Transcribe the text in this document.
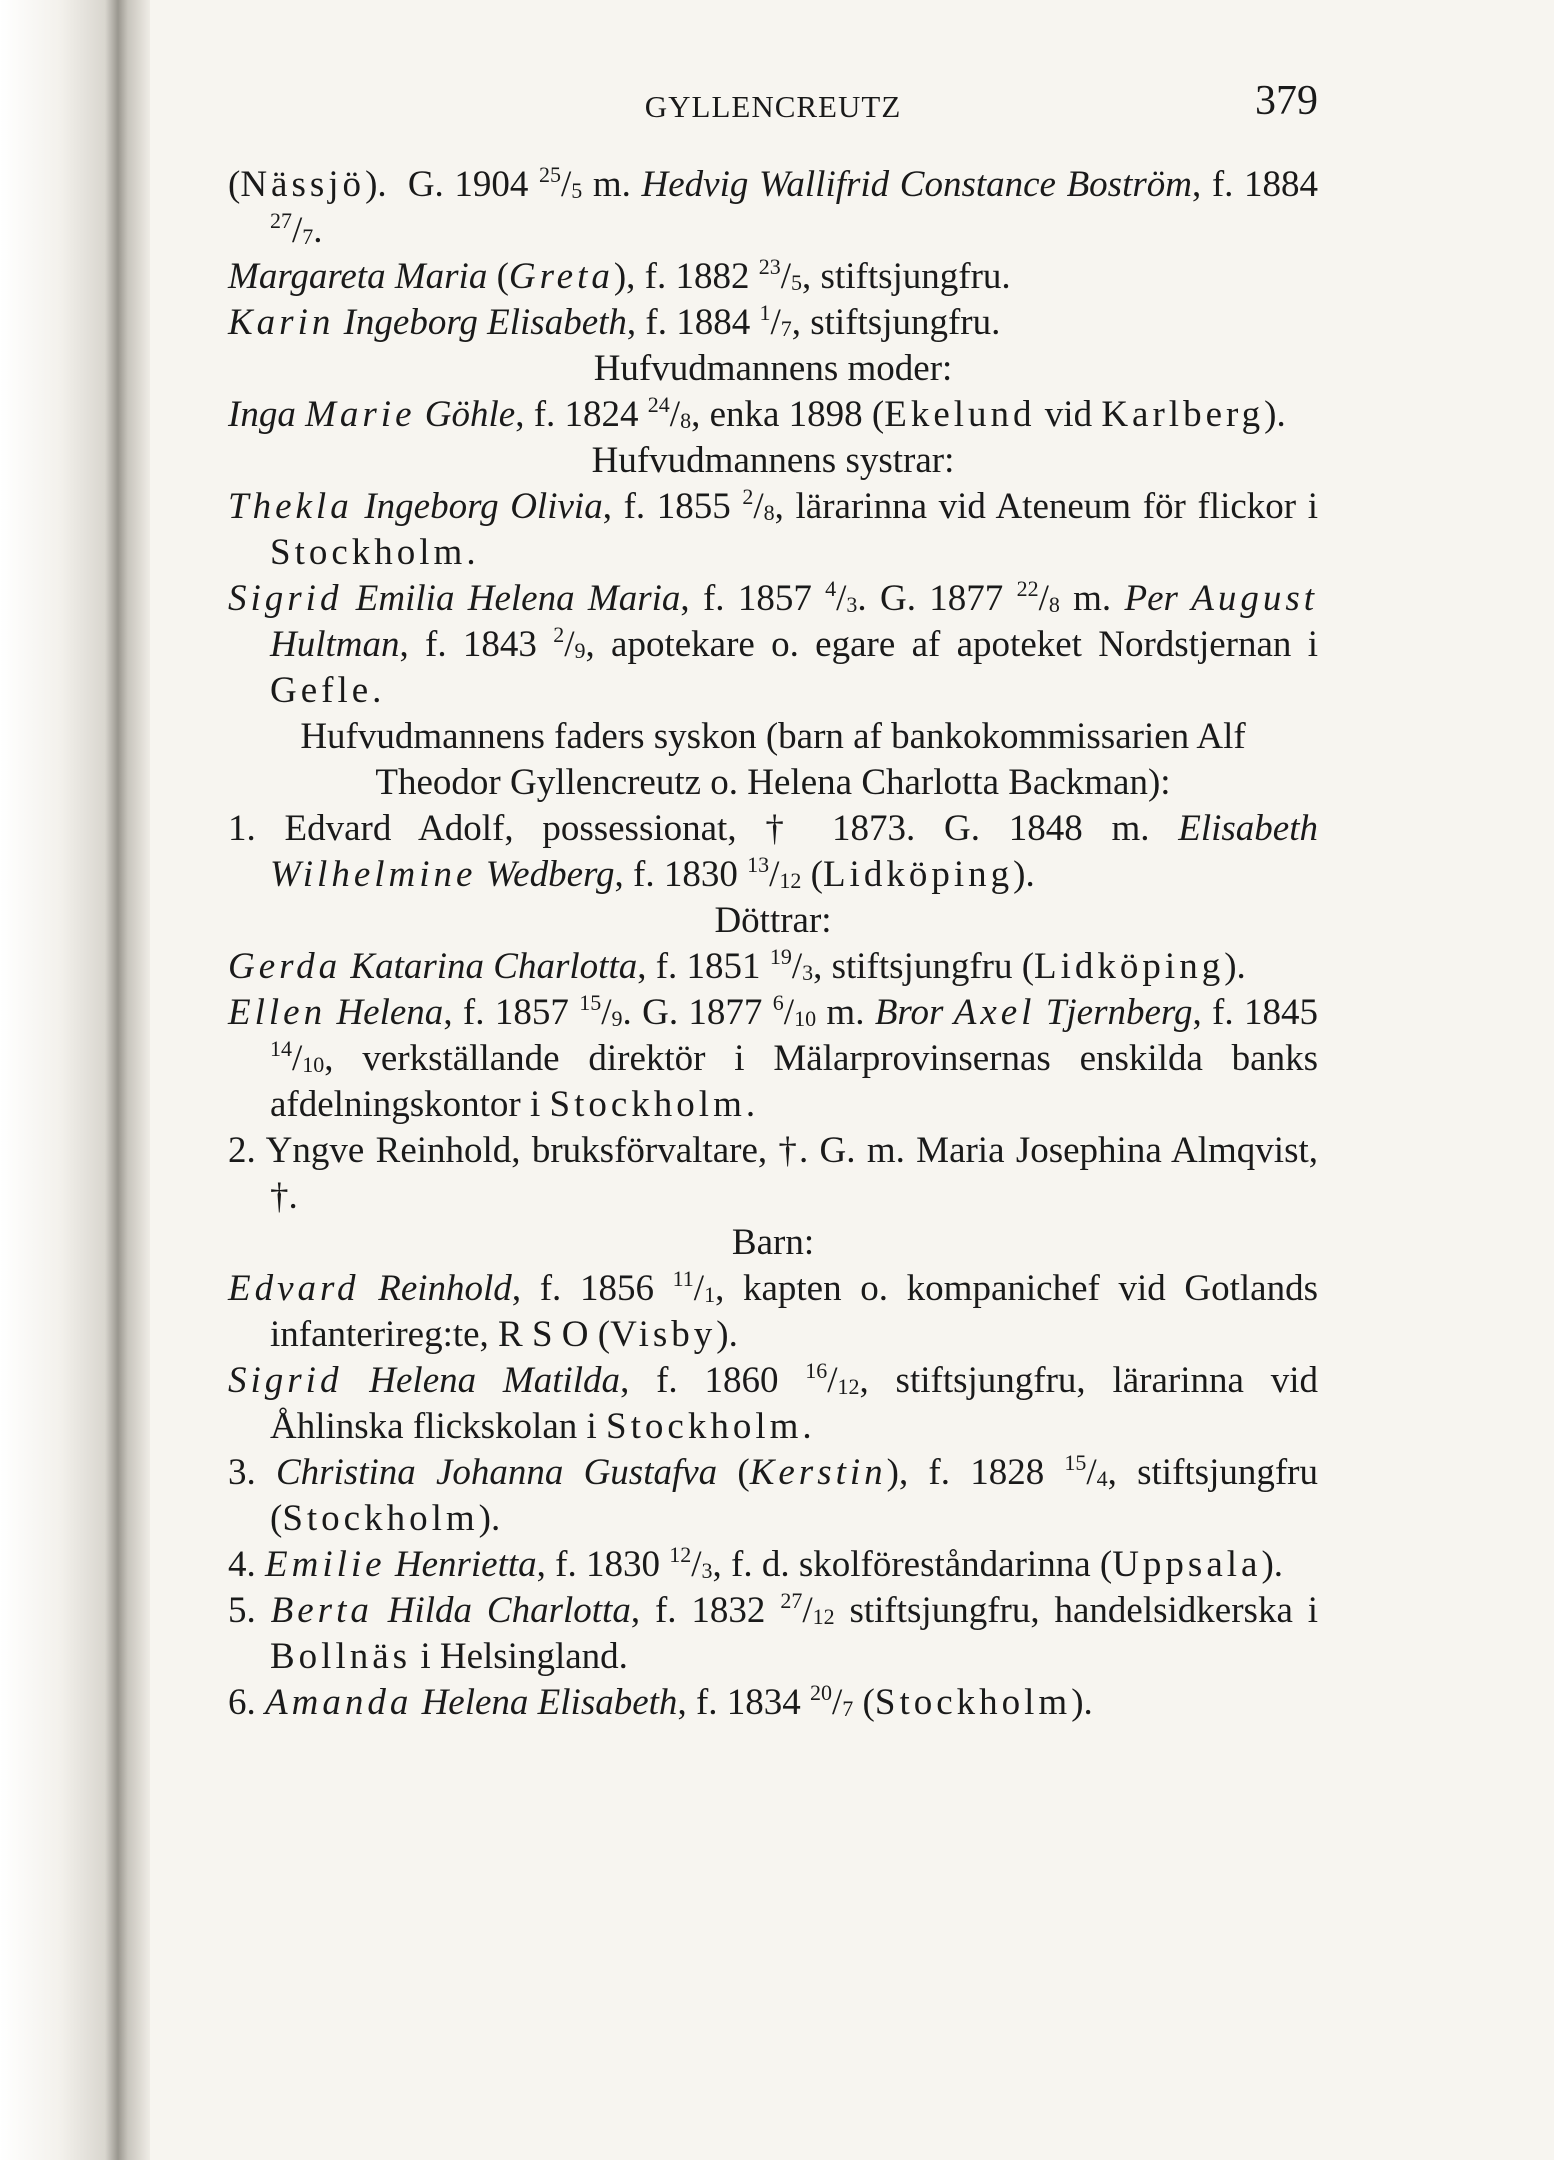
GYLLENCREUTZ	379

(Nässjö).  G. 1904 $^{25}/_5$ m. Hedvig Wallifrid Constance Boström, f. 1884 $^{27}/_7$.

Margareta Maria (Greta), f. 1882 $^{23}/_5$, stiftsjungfru.

Karin Ingeborg Elisabeth, f. 1884 $^1/_7$, stiftsjungfru.

Hufvudmannens moder:

Inga Marie Göhle, f. 1824 $^{24}/_8$, enka 1898 (Ekelund vid Karlberg).

Hufvudmannens systrar:

Thekla Ingeborg Olivia, f. 1855 $^2/_8$, lärarinna vid Ateneum för flickor i Stockholm.

Sigrid Emilia Helena Maria, f. 1857 $^4/_3$. G. 1877 $^{22}/_8$ m. Per August Hultman, f. 1843 $^2/_9$, apotekare o. egare af apoteket Nordstjernan i Gefle.

Hufvudmannens faders syskon (barn af bankokommissarien Alf Theodor Gyllencreutz o. Helena Charlotta Backman):

1. Edvard Adolf, possessionat, † 1873. G. 1848 m. Elisabeth Wilhelmine Wedberg, f. 1830 $^{13}/_{12}$ (Lidköping).

Döttrar:

Gerda Katarina Charlotta, f. 1851 $^{19}/_3$, stiftsjungfru (Lidköping).

Ellen Helena, f. 1857 $^{15}/_9$. G. 1877 $^6/_{10}$ m. Bror Axel Tjernberg, f. 1845 $^{14}/_{10}$, verkställande direktör i Mälarprovinsernas enskilda banks afdelningskontor i Stockholm.

2. Yngve Reinhold, bruksförvaltare, †. G. m. Maria Josephina Almqvist, †.

Barn:

Edvard Reinhold, f. 1856 $^{11}/_1$, kapten o. kompanichef vid Gotlands infanterireg:te, R S O (Visby).

Sigrid Helena Matilda, f. 1860 $^{16}/_{12}$, stiftsjungfru, lärarinna vid Åhlinska flickskolan i Stockholm.

3. Christina Johanna Gustafva (Kerstin), f. 1828 $^{15}/_4$, stiftsjungfru (Stockholm).

4. Emilie Henrietta, f. 1830 $^{12}/_3$, f. d. skolföreståndarinna (Uppsala).

5. Berta Hilda Charlotta, f. 1832 $^{27}/_{12}$ stiftsjungfru, handelsidkerska i Bollnäs i Helsingland.

6. Amanda Helena Elisabeth, f. 1834 $^{20}/_7$ (Stockholm).
